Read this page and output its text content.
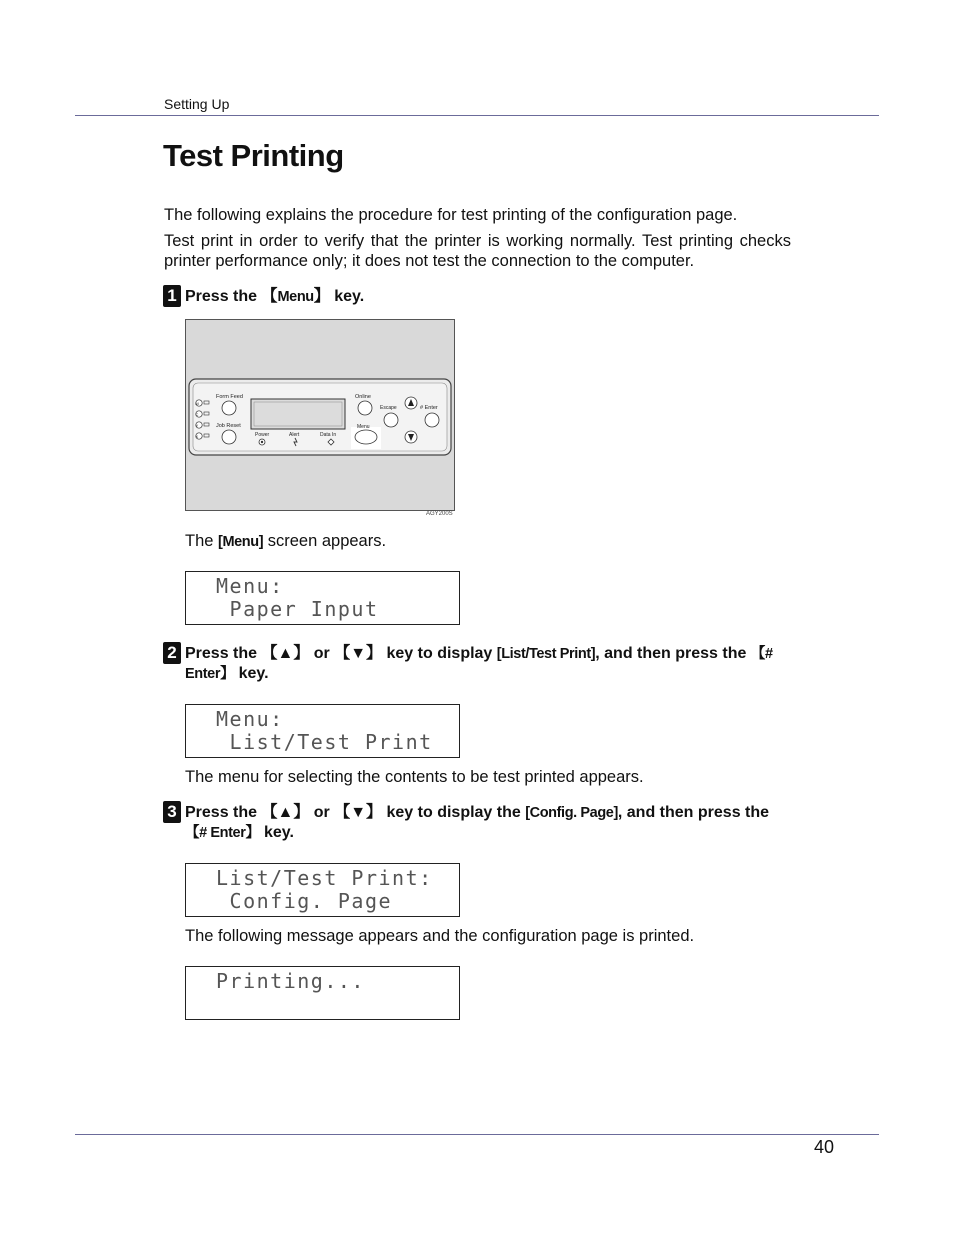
Setting Up
Test Printing

The following explains the procedure for test printing of the configuration page.

Test print in order to verify that the printer is working normally. Test printing checks printer performance only; it does not test the connection to the computer.

1 Press the 【Menu】 key.
Form Feed
Job Reset
Online
Escape	# Enter
Menu
Power	Alert	Data In
M
C
Y
K
AGY200S

The [Menu] screen appears.

Menu:
Paper Input
2 Press the 【▲】 or 【▼】 key to display [List/Test Print], and then press the 【# Enter】 key.
Menu:
List/Test Print

The menu for selecting the contents to be test printed appears.

3 Press the 【▲】 or 【▼】 key to display the [Config. Page], and then press the 【# Enter】 key.
List/Test Print:
Config. Page

The following message appears and the configuration page is printed.

Printing...
40
